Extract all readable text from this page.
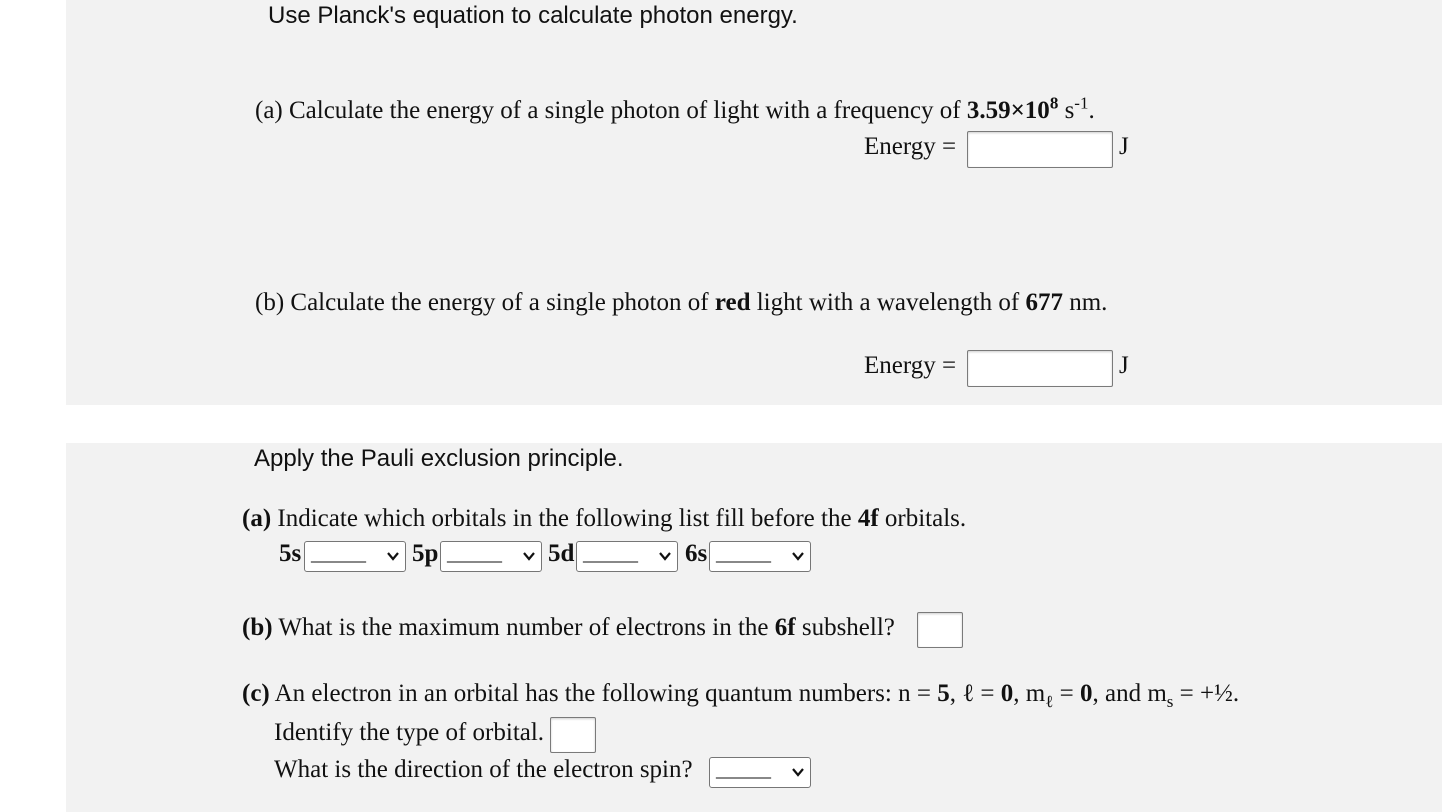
Use Planck's equation to calculate photon energy.
(a) Calculate the energy of a single photon of light with a frequency of $3.59\times 10^8$ $s^{-1}$.
Energy =	J
(b) Calculate the energy of a single photon of red light with a wavelength of 677 nm.
Energy =	J
Apply the Pauli exclusion principle.
(a) Indicate which orbitals in the following list fill before the 4f orbitals.
5s ______ 5p ______ 5d ______ 6s ______
(b) What is the maximum number of electrons in the 6f subshell?
(c) An electron in an orbital has the following quantum numbers: n = 5, ℓ = 0, $m_\ell = 0$, and $m_s$ = +½.
Identify the type of orbital.
What is the direction of the electron spin? ______
